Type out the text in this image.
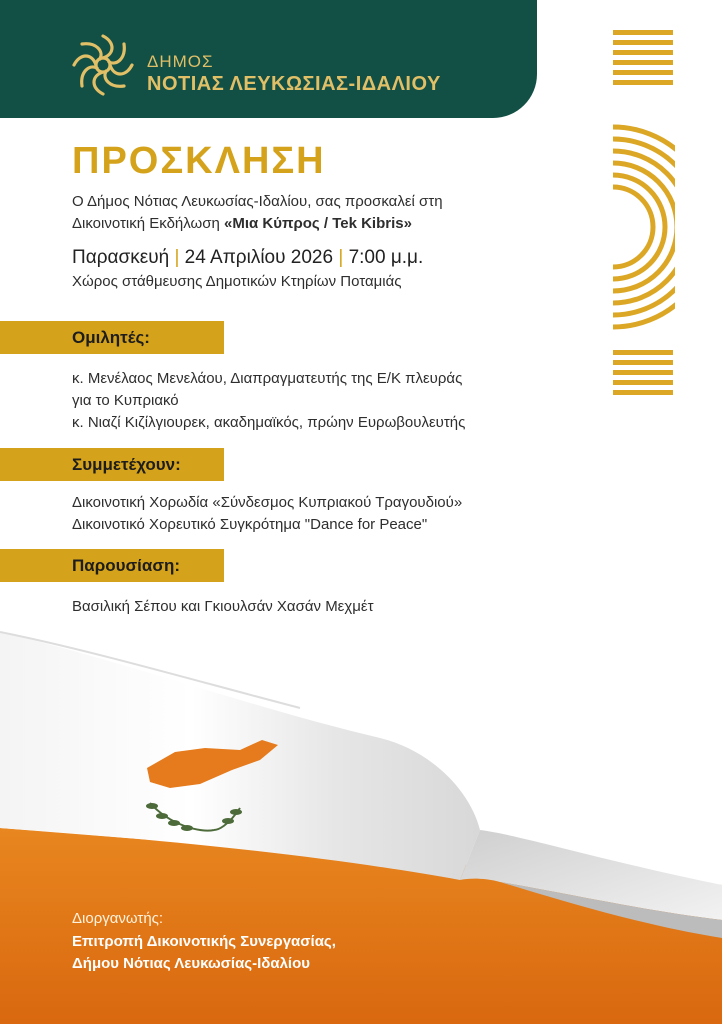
ΔΗΜΟΣ
ΝΟΤΙΑΣ ΛΕΥΚΩΣΙΑΣ-ΙΔΑΛΙΟΥ
ΠΡΟΣΚΛΗΣΗ
Ο Δήμος Νότιας Λευκωσίας-Ιδαλίου, σας προσκαλεί στη
Δικοινοτική Εκδήλωση «Μια Κύπρος / Tek Kibris»
Παρασκευή | 24 Απριλίου 2026 | 7:00 μ.μ.
Χώρος στάθμευσης Δημοτικών Κτηρίων Ποταμιάς
Ομιλητές:
κ. Μενέλαος Μενελάου, Διαπραγματευτής της Ε/Κ πλευράς
για το Κυπριακό
κ. Νιαζί Κιζίλγιουρεκ, ακαδημαϊκός, πρώην Ευρωβουλευτής
Συμμετέχουν:
Δικοινοτική Χορωδία «Σύνδεσμος Κυπριακού Τραγουδιού»
Δικοινοτικό Χορευτικό Συγκρότημα "Dance for Peace"
Παρουσίαση:
Βασιλική Σέπου και Γκιουλσάν Χασάν Μεχμέτ
Διοργανωτής:
Επιτροπή Δικοινοτικής Συνεργασίας,
Δήμου Νότιας Λευκωσίας-Ιδαλίου
